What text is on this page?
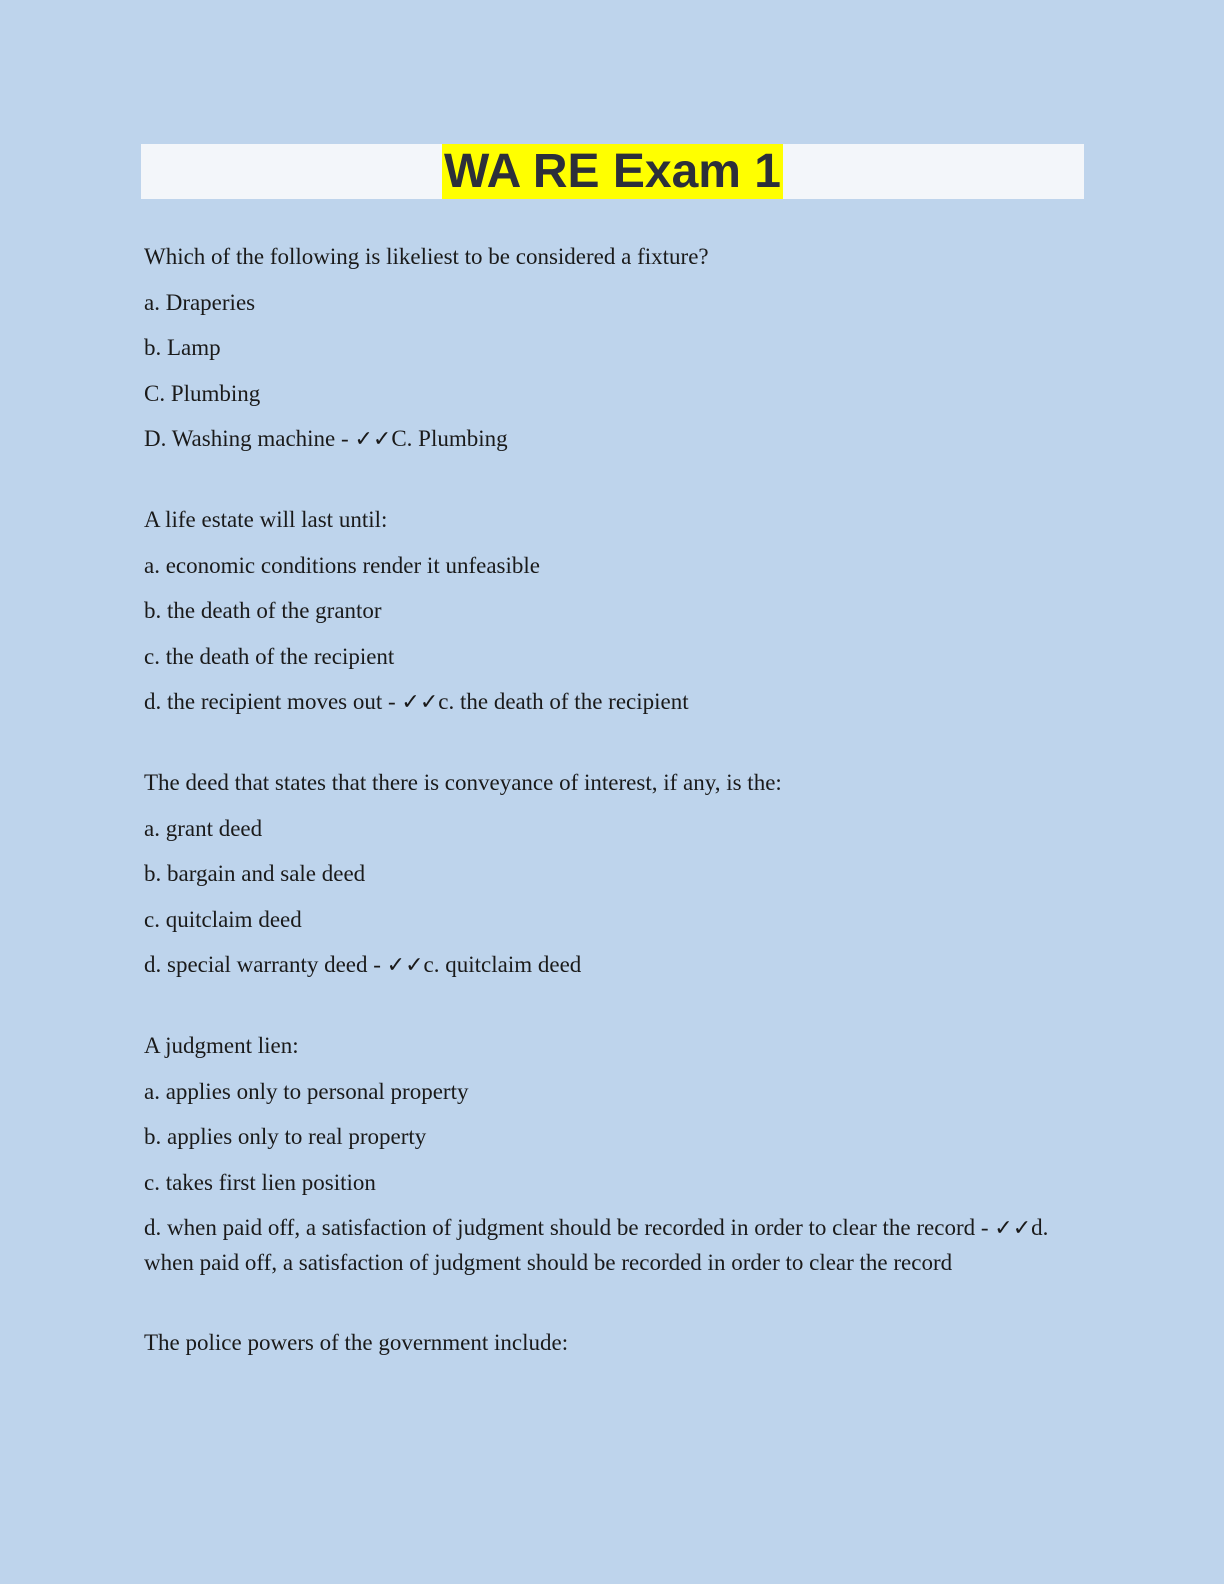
WA RE Exam 1
Which of the following is likeliest to be considered a fixture?
a. Draperies
b. Lamp
C. Plumbing
D. Washing machine - ✓✓C. Plumbing
A life estate will last until:
a. economic conditions render it unfeasible
b. the death of the grantor
c. the death of the recipient
d. the recipient moves out - ✓✓c. the death of the recipient
The deed that states that there is conveyance of interest, if any, is the:
a. grant deed
b. bargain and sale deed
c. quitclaim deed
d. special warranty deed - ✓✓c. quitclaim deed
A judgment lien:
a. applies only to personal property
b. applies only to real property
c. takes first lien position
d. when paid off, a satisfaction of judgment should be recorded in order to clear the record - ✓✓d. when paid off, a satisfaction of judgment should be recorded in order to clear the record
The police powers of the government include:
